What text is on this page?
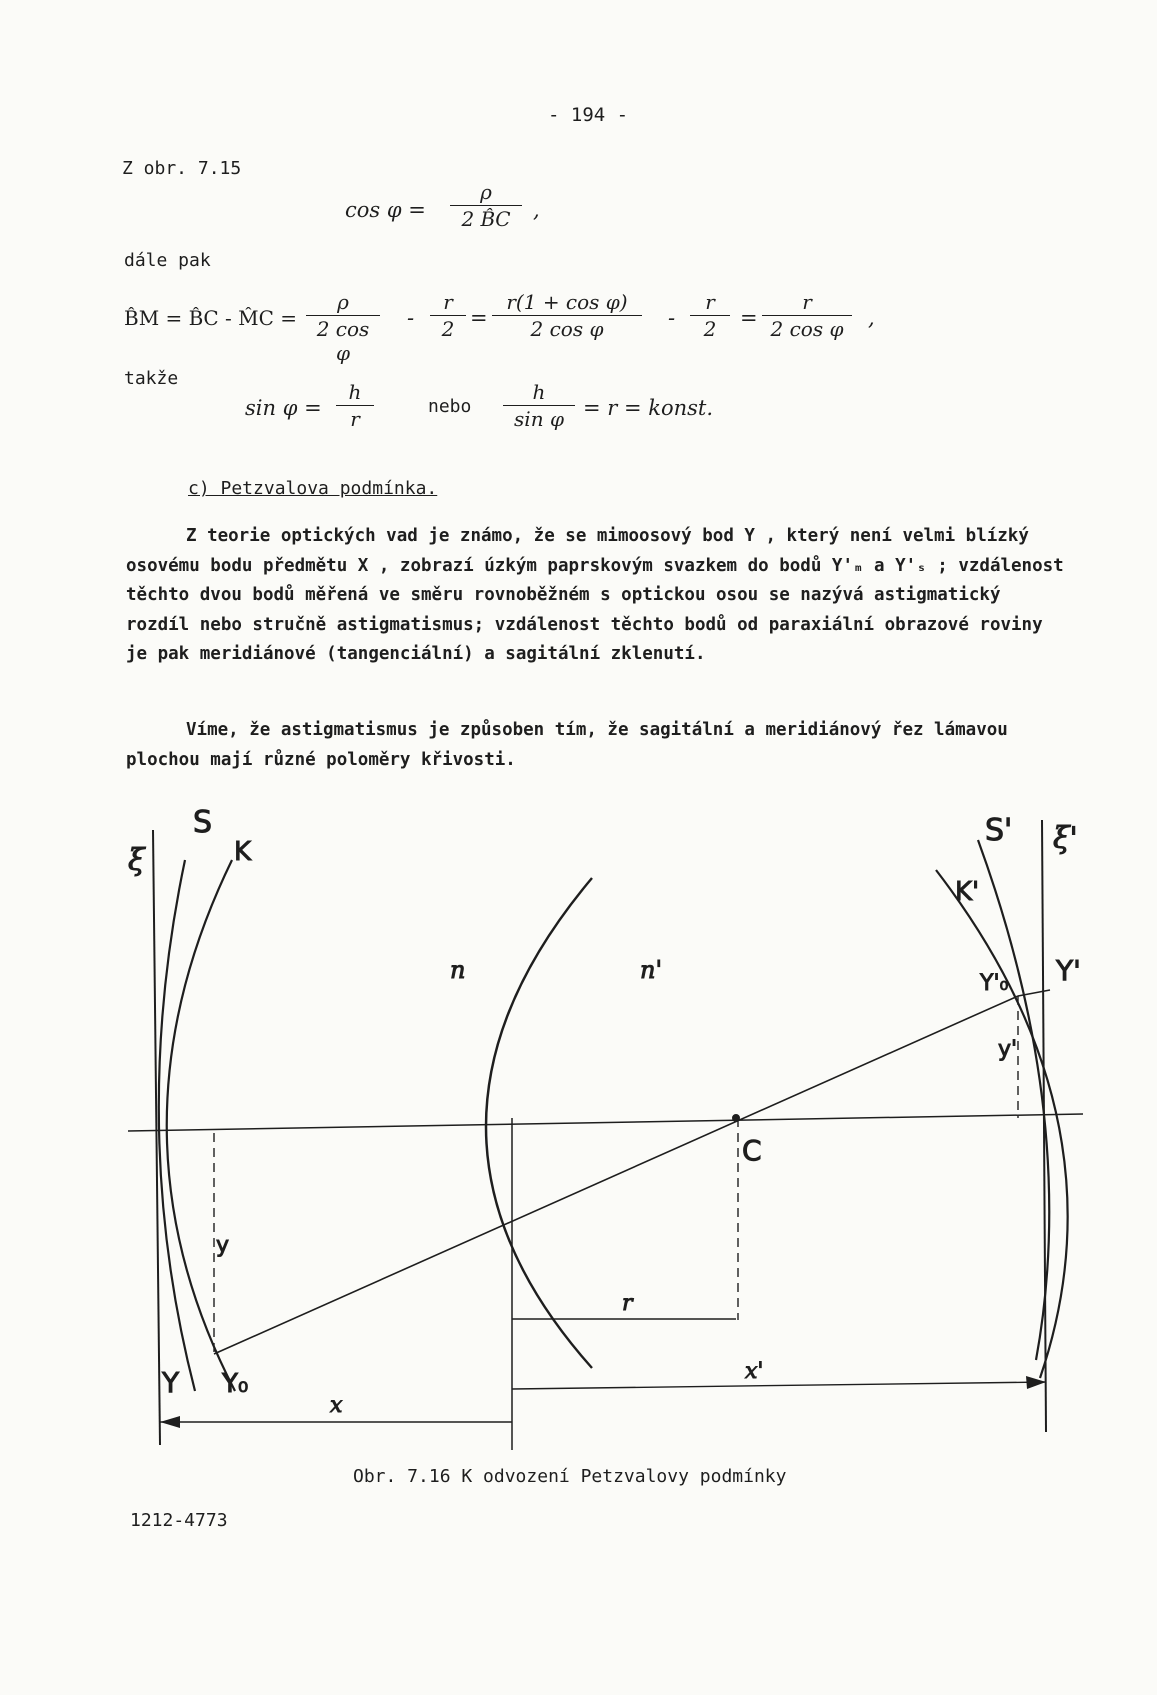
- 194 -
Z obr. 7.15
cos φ =
ρ
2 B̂C	,
dále pak
B̂M = B̂C - M̂C =
ρ
2 cos φ
-
r
2 =
r(1 + cos φ)
2 cos φ	-
r
2	=
r
2 cos φ	,
takže
sin φ =
h
r
nebo
h
sin φ = r = konst.
c) Petzvalova podmínka.
Z teorie optických vad je známo, že se mimoosový bod Y , který není velmi blízký osovému bodu předmětu X , zobrazí úzkým paprskovým svazkem do bodů Y'ₘ a Y'ₛ ; vzdálenost těchto dvou bodů měřená ve směru rovnoběžném s optickou osou se nazývá astigmatický rozdíl nebo stručně astigmatismus; vzdálenost těchto bodů od paraxiální obrazové roviny je pak meridiánové (tangenciální) a sagitální zklenutí.
Víme, že astigmatismus je způsoben tím, že sagitální a meridiánový řez lámavou plochou mají různé poloměry křivosti.
ξ
S
K
n	n'
S' ξ'
K'
Y'₀ Y'
y'
C
y
Y Y₀
r
x'
x
Obr. 7.16 K odvození Petzvalovy podmínky
1212-4773
